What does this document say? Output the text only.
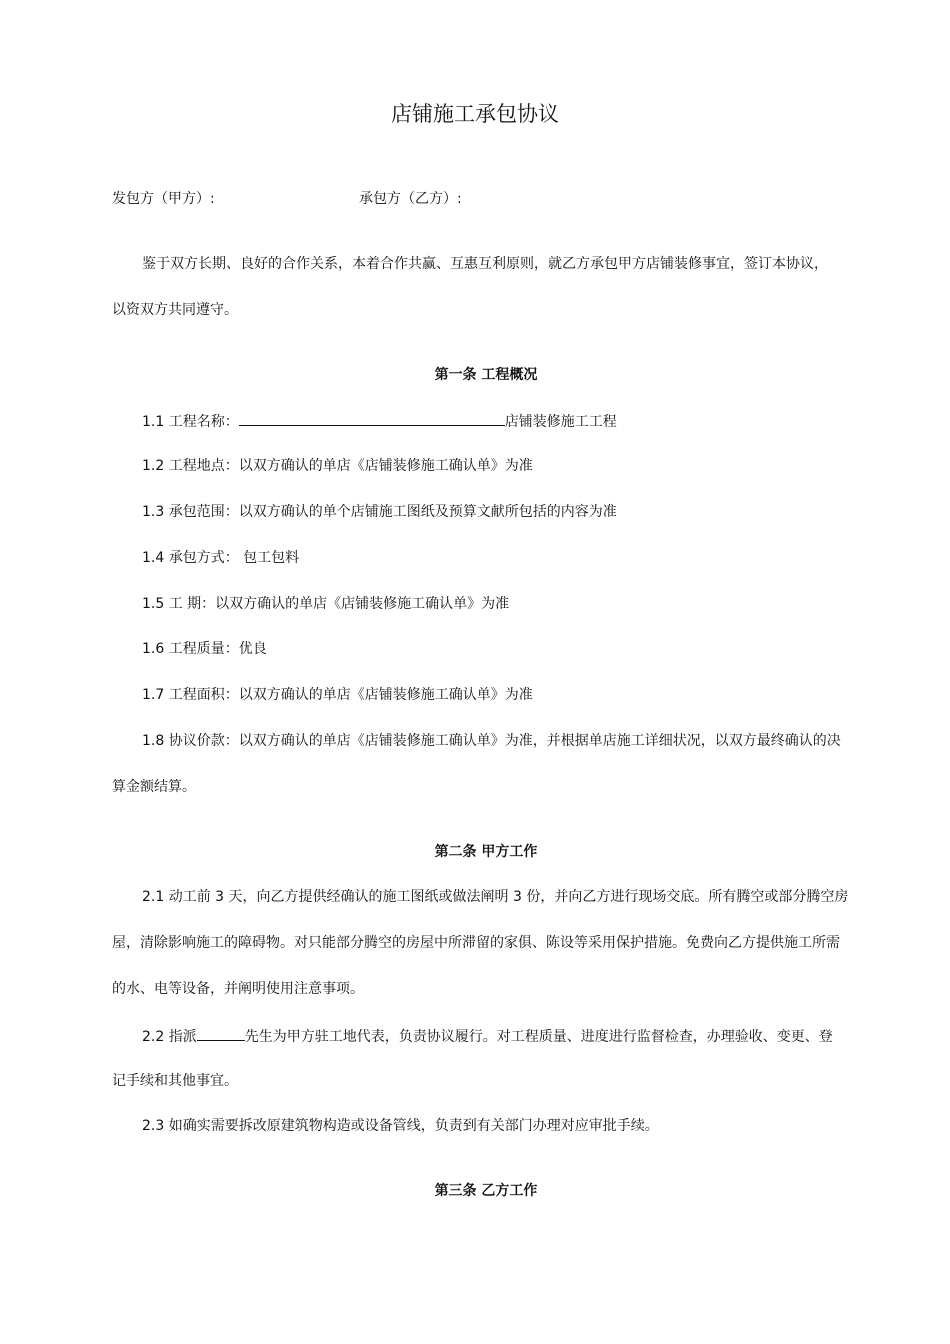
店铺施工承包协议
发包方（甲方）:	承包方（乙方）:
鉴于双方长期、良好的合作关系，本着合作共赢、互惠互利原则，就乙方承包甲方店铺装修事宜，签订本协议，
以资双方共同遵守。
第一条 工程概况
1.1 工程名称：	店铺装修施工工程
1.2 工程地点：以双方确认的单店《店铺装修施工确认单》为准
1.3 承包范围：以双方确认的单个店铺施工图纸及预算文献所包括的内容为准
1.4 承包方式： 包工包料
1.5 工 期：以双方确认的单店《店铺装修施工确认单》为准
1.6 工程质量：优良
1.7 工程面积：以双方确认的单店《店铺装修施工确认单》为准
1.8 协议价款：以双方确认的单店《店铺装修施工确认单》为准，并根据单店施工详细状况，以双方最终确认的决
算金额结算。
第二条 甲方工作
2.1 动工前 3 天，向乙方提供经确认的施工图纸或做法阐明 3 份，并向乙方进行现场交底。所有腾空或部分腾空房
屋，清除影响施工的障碍物。对只能部分腾空的房屋中所滞留的家俱、陈设等采用保护措施。免费向乙方提供施工所需
的水、电等设备，并阐明使用注意事项。
2.2 指派	先生为甲方驻工地代表，负责协议履行。对工程质量、进度进行监督检查，办理验收、变更、登
记手续和其他事宜。
2.3 如确实需要拆改原建筑物构造或设备管线，负责到有关部门办理对应审批手续。
第三条 乙方工作
